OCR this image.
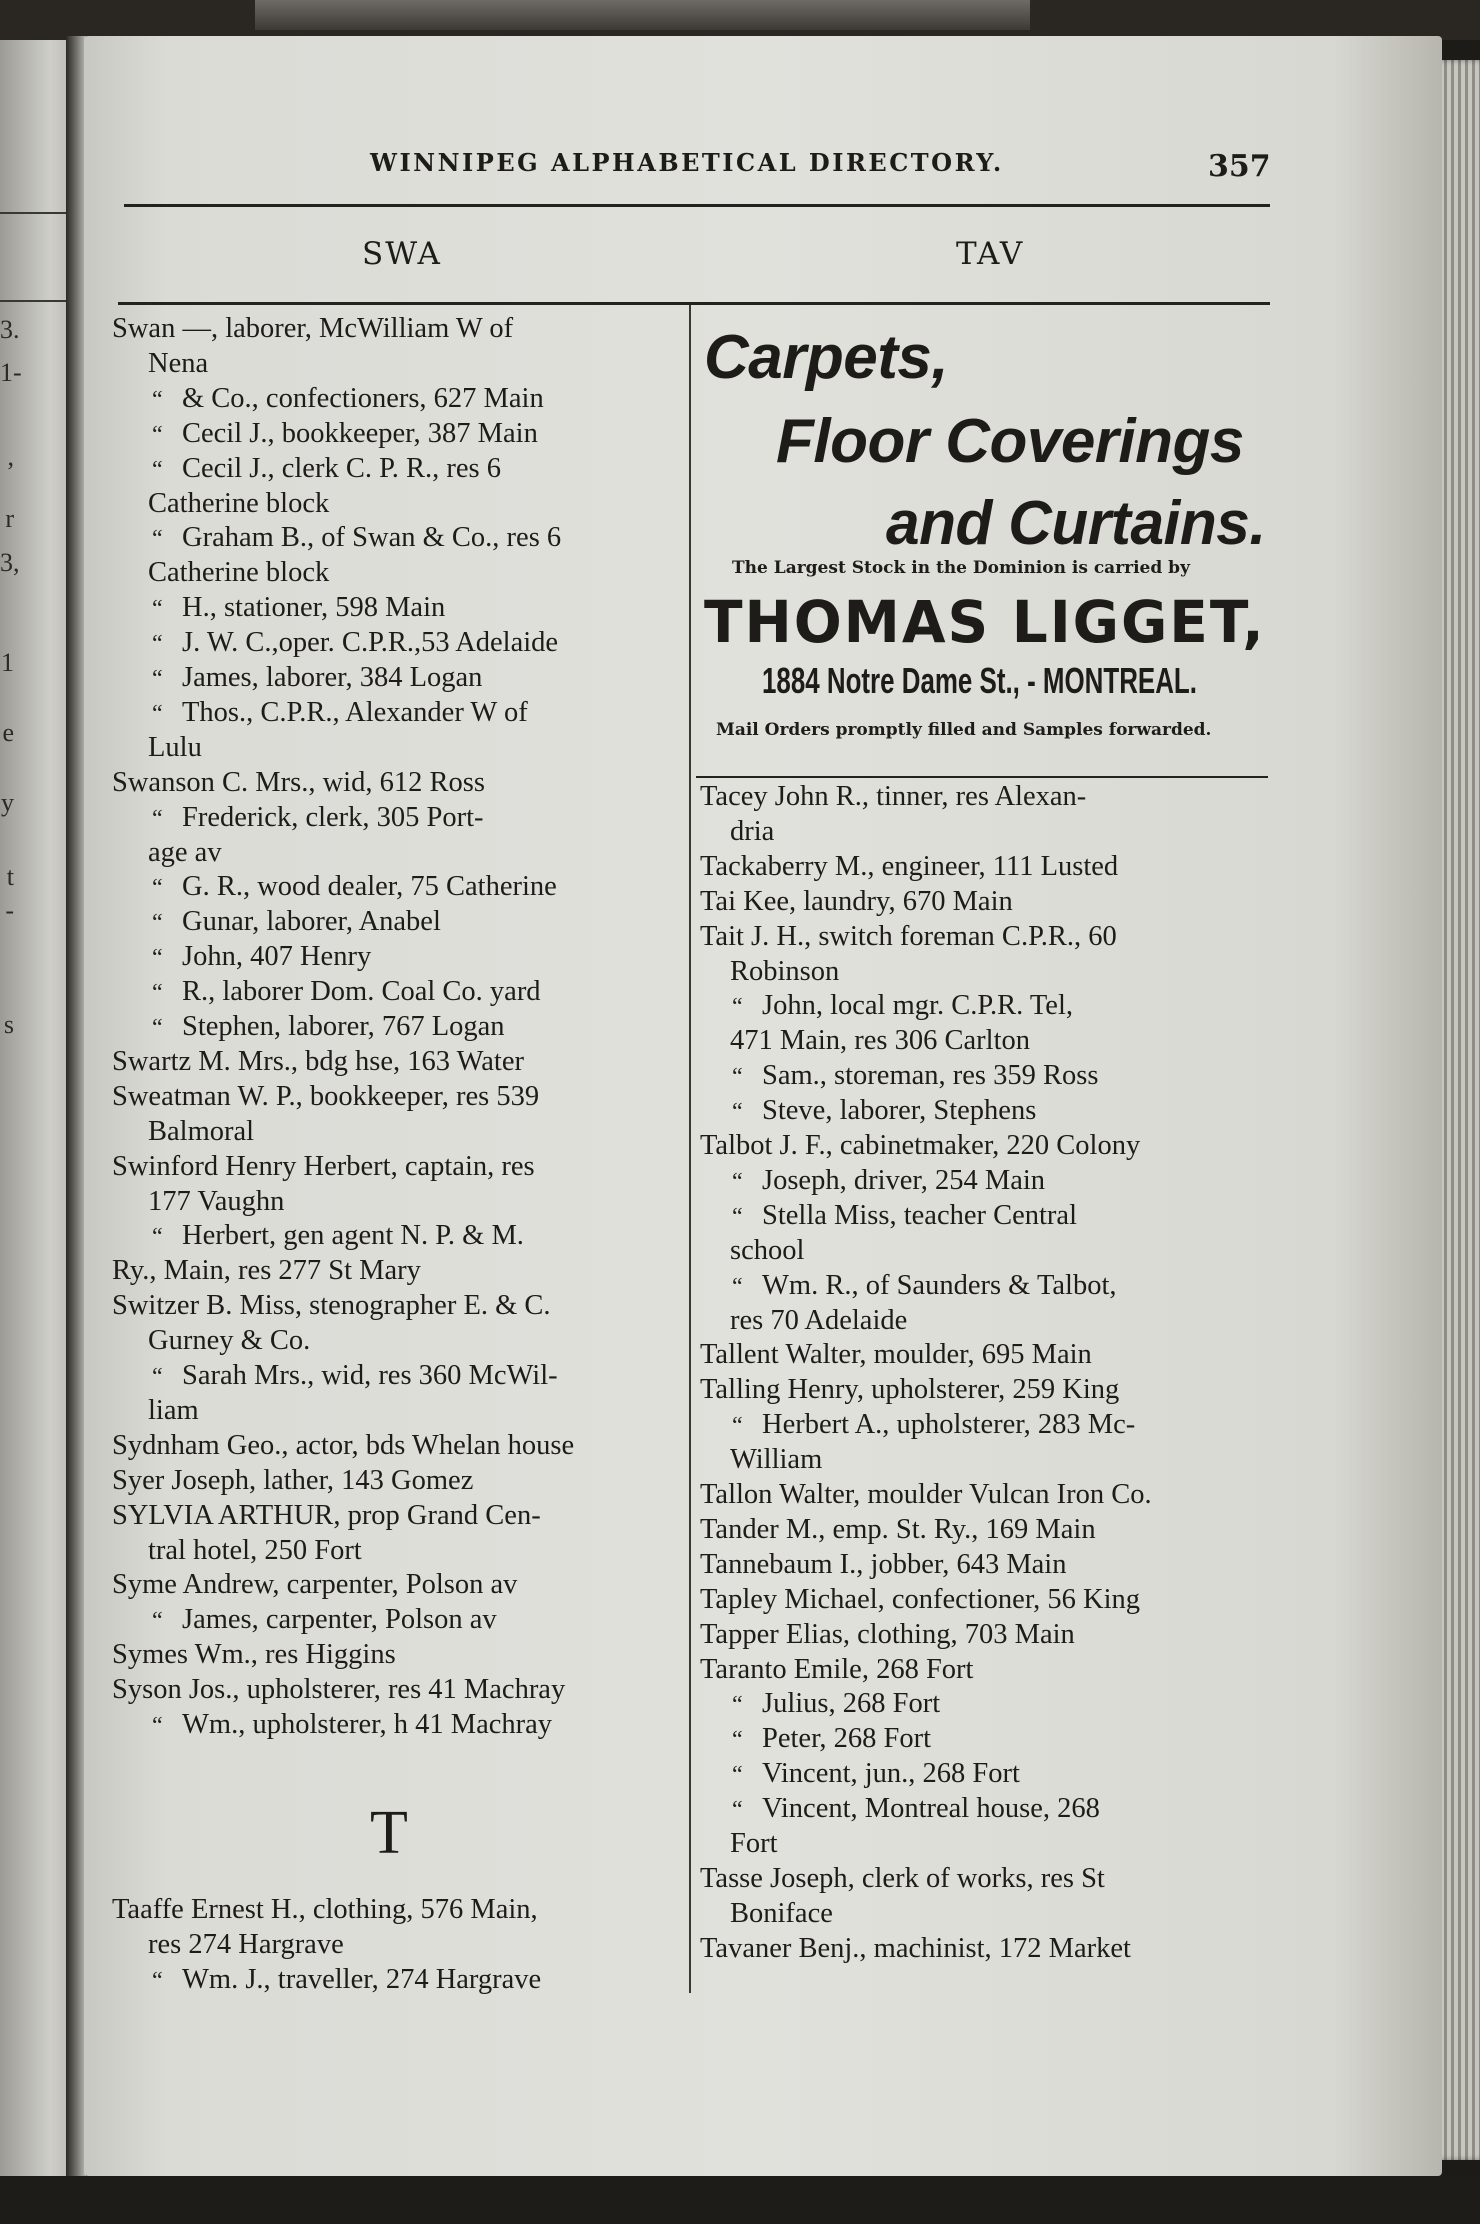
3.
1-
,
r
3,
1
e
y
t
-
s
WINNIPEG ALPHABETICAL DIRECTORY.	357
SWA	TAV
Carpets,
Floor Coverings
and Curtains.
The Largest Stock in the Dominion is carried by
THOMAS LIGGET,
1884 Notre Dame St., - MONTREAL.
Mail Orders promptly filled and Samples forwarded.
Swan —, laborer, McWilliam W of
Nena
“ & Co., confectioners, 627 Main
“ Cecil J., bookkeeper, 387 Main
“ Cecil J., clerk C. P. R., res 6
Catherine block
“ Graham B., of Swan & Co., res 6
Catherine block
“ H., stationer, 598 Main
“ J. W. C.,oper. C.P.R.,53 Adelaide
“ James, laborer, 384 Logan
“ Thos., C.P.R., Alexander W of
Lulu
Swanson C. Mrs., wid, 612 Ross
“ Frederick, clerk, 305 Port-
age av
“ G. R., wood dealer, 75 Catherine
“ Gunar, laborer, Anabel
“ John, 407 Henry
“ R., laborer Dom. Coal Co. yard
“ Stephen, laborer, 767 Logan
Swartz M. Mrs., bdg hse, 163 Water
Sweatman W. P., bookkeeper, res 539
Balmoral
Swinford Henry Herbert, captain, res
177 Vaughn
“ Herbert, gen agent N. P. & M.
Ry., Main, res 277 St Mary
Switzer B. Miss, stenographer E. & C.
Gurney & Co.
“ Sarah Mrs., wid, res 360 McWil-
liam
Sydnham Geo., actor, bds Whelan house
Syer Joseph, lather, 143 Gomez
SYLVIA ARTHUR, prop Grand Cen-
tral hotel, 250 Fort
Syme Andrew, carpenter, Polson av
“ James, carpenter, Polson av
Symes Wm., res Higgins
Syson Jos., upholsterer, res 41 Machray
“ Wm., upholsterer, h 41 Machray
T
Taaffe Ernest H., clothing, 576 Main,
res 274 Hargrave
“ Wm. J., traveller, 274 Hargrave
Tacey John R., tinner, res Alexan-
dria
Tackaberry M., engineer, 111 Lusted
Tai Kee, laundry, 670 Main
Tait J. H., switch foreman C.P.R., 60
Robinson
“ John, local mgr. C.P.R. Tel,
471 Main, res 306 Carlton
“ Sam., storeman, res 359 Ross
“ Steve, laborer, Stephens
Talbot J. F., cabinetmaker, 220 Colony
“ Joseph, driver, 254 Main
“ Stella Miss, teacher Central
school
“ Wm. R., of Saunders & Talbot,
res 70 Adelaide
Tallent Walter, moulder, 695 Main
Talling Henry, upholsterer, 259 King
“ Herbert A., upholsterer, 283 Mc-
William
Tallon Walter, moulder Vulcan Iron Co.
Tander M., emp. St. Ry., 169 Main
Tannebaum I., jobber, 643 Main
Tapley Michael, confectioner, 56 King
Tapper Elias, clothing, 703 Main
Taranto Emile, 268 Fort
“ Julius, 268 Fort
“ Peter, 268 Fort
“ Vincent, jun., 268 Fort
“ Vincent, Montreal house, 268
Fort
Tasse Joseph, clerk of works, res St
Boniface
Tavaner Benj., machinist, 172 Market
